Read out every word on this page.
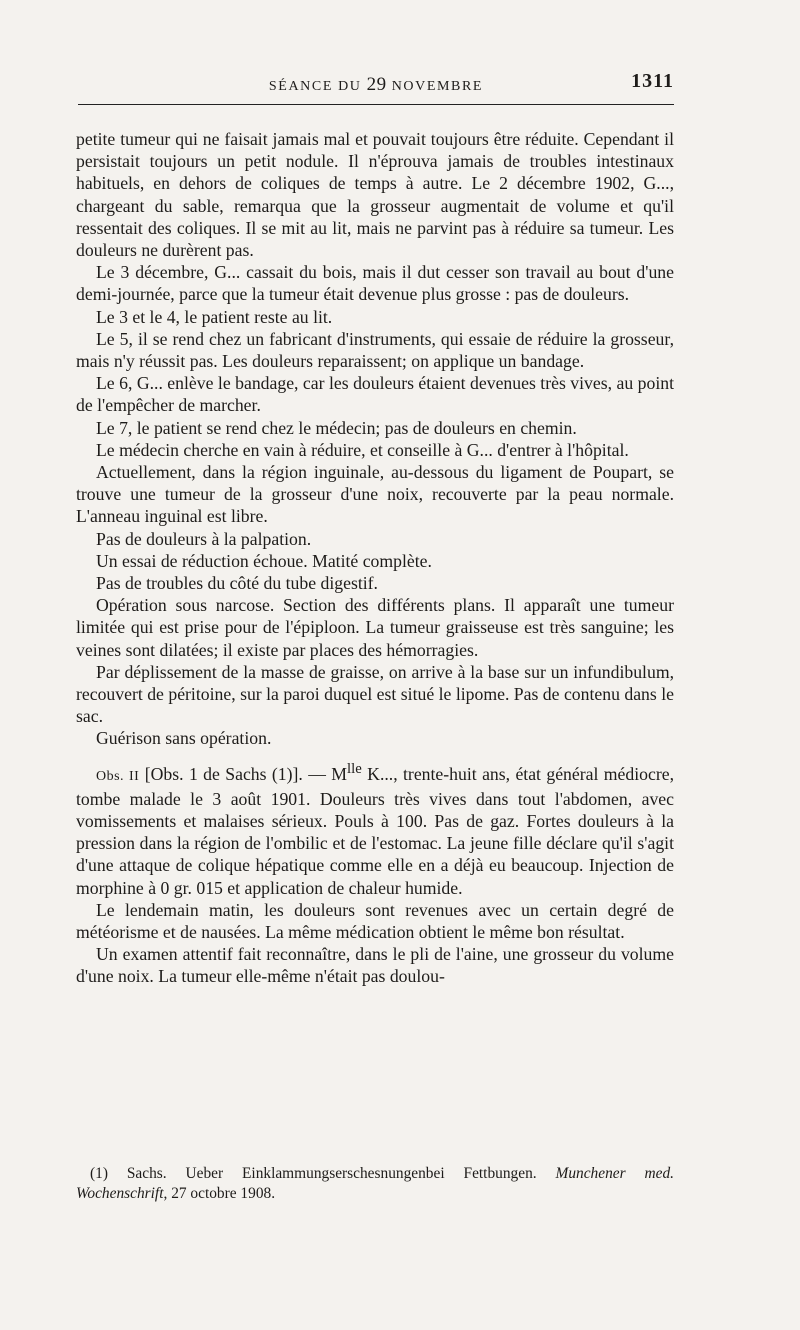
SÉANCE DU 29 NOVEMBRE	1311

petite tumeur qui ne faisait jamais mal et pouvait toujours être réduite. Cependant il persistait toujours un petit nodule. Il n'éprouva jamais de troubles intestinaux habituels, en dehors de coliques de temps à autre. Le 2 décembre 1902, G..., chargeant du sable, remarqua que la grosseur augmentait de volume et qu'il ressentait des coliques. Il se mit au lit, mais ne parvint pas à réduire sa tumeur. Les douleurs ne durèrent pas.

Le 3 décembre, G... cassait du bois, mais il dut cesser son travail au bout d'une demi-journée, parce que la tumeur était devenue plus grosse : pas de douleurs.

Le 3 et le 4, le patient reste au lit.

Le 5, il se rend chez un fabricant d'instruments, qui essaie de réduire la grosseur, mais n'y réussit pas. Les douleurs reparaissent; on applique un bandage.

Le 6, G... enlève le bandage, car les douleurs étaient devenues très vives, au point de l'empêcher de marcher.

Le 7, le patient se rend chez le médecin; pas de douleurs en chemin.

Le médecin cherche en vain à réduire, et conseille à G... d'entrer à l'hôpital.

Actuellement, dans la région inguinale, au-dessous du ligament de Poupart, se trouve une tumeur de la grosseur d'une noix, recouverte par la peau normale. L'anneau inguinal est libre.

Pas de douleurs à la palpation.

Un essai de réduction échoue. Matité complète.

Pas de troubles du côté du tube digestif.

Opération sous narcose. Section des différents plans. Il apparaît une tumeur limitée qui est prise pour de l'épiploon. La tumeur graisseuse est très sanguine; les veines sont dilatées; il existe par places des hémorragies.

Par déplissement de la masse de graisse, on arrive à la base sur un infundibulum, recouvert de péritoine, sur la paroi duquel est situé le lipome. Pas de contenu dans le sac.

Guérison sans opération.

Obs. II [Obs. 1 de Sachs (1)]. — $M^{lle}$ K..., trente-huit ans, état général médiocre, tombe malade le 3 août 1901. Douleurs très vives dans tout l'abdomen, avec vomissements et malaises sérieux. Pouls à 100. Pas de gaz. Fortes douleurs à la pression dans la région de l'ombilic et de l'estomac. La jeune fille déclare qu'il s'agit d'une attaque de colique hépatique comme elle en a déjà eu beaucoup. Injection de morphine à 0 gr. 015 et application de chaleur humide.

Le lendemain matin, les douleurs sont revenues avec un certain degré de météorisme et de nausées. La même médication obtient le même bon résultat.

Un examen attentif fait reconnaître, dans le pli de l'aine, une grosseur du volume d'une noix. La tumeur elle-même n'était pas doulou-

(1) Sachs. Ueber Einklammungserschesnungenbei Fettbungen. Munchener med. Wochenschrift, 27 octobre 1908.
